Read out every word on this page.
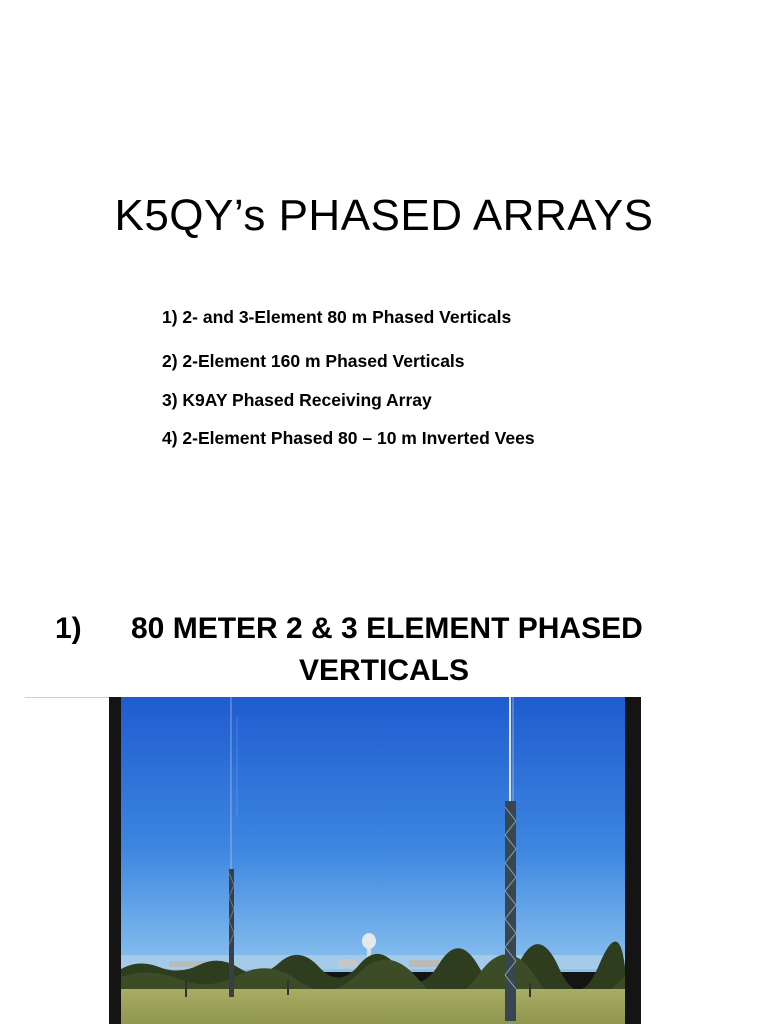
K5QY’s PHASED ARRAYS
1) 2- and 3-Element 80 m Phased Verticals
2) 2-Element 160 m Phased Verticals
3) K9AY Phased Receiving Array
4) 2-Element Phased 80 – 10 m Inverted Vees
1) 80 METER 2 & 3 ELEMENT PHASED
VERTICALS
